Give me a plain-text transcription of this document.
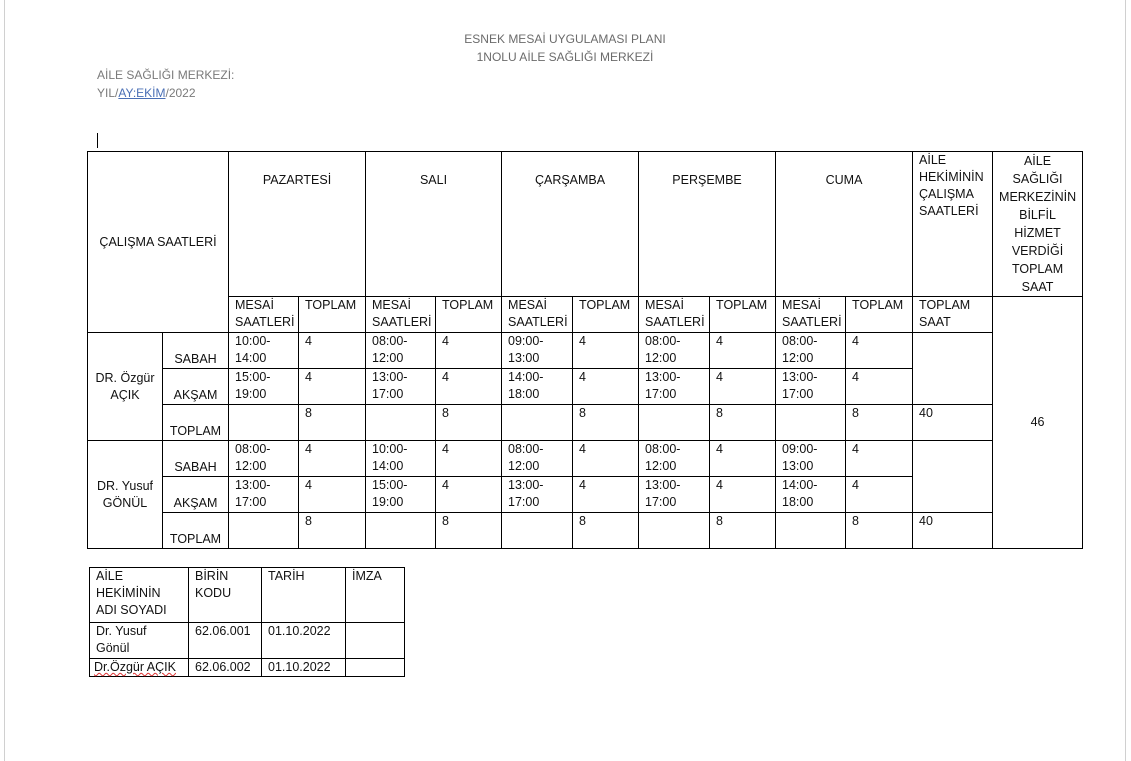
ESNEK MESAİ UYGULAMASI PLANI
1NOLU AİLE SAĞLIĞI MERKEZİ
AİLE SAĞLIĞI MERKEZİ:
YIL/AY:EKİM/2022
ÇALIŞMA SAATLERİ		PAZARTESİ		SALI		ÇARŞAMBA		PERŞEMBE		CUMA		AİLE HEKİMİNİN ÇALIŞMA SAATLERİ	AİLE SAĞLIĞI MERKEZİNİN BİLFİL HİZMET VERDİĞİ TOPLAM SAAT
		MESAİ SAATLERİ	TOPLAM	MESAİ SAATLERİ	TOPLAM	MESAİ SAATLERİ	TOPLAM	MESAİ SAATLERİ	TOPLAM	MESAİ SAATLERİ	TOPLAM	TOPLAM SAAT	46
DR. Özgür AÇIK	SABAH	10:00-14:00	4	08:00-12:00	4	09:00-13:00	4	08:00-12:00	4	08:00-12:00	4		
	AKŞAM	15:00-19:00	4	13:00-17:00	4	14:00-18:00	4	13:00-17:00	4	13:00-17:00	4		
	TOPLAM		8		8		8		8		8	40	
DR. Yusuf GÖNÜL	SABAH	08:00-12:00	4	10:00-14:00	4	08:00-12:00	4	08:00-12:00	4	09:00-13:00	4		
	AKŞAM	13:00-17:00	4	15:00-19:00	4	13:00-17:00	4	13:00-17:00	4	14:00-18:00	4		
	TOPLAM		8		8		8		8		8	40	
AİLE HEKİMİNİN ADI SOYADI	BİRİN KODU	TARİH	İMZA
Dr. Yusuf Gönül	62.06.001	01.10.2022	
Dr.Özgür AÇIK	62.06.002	01.10.2022	
